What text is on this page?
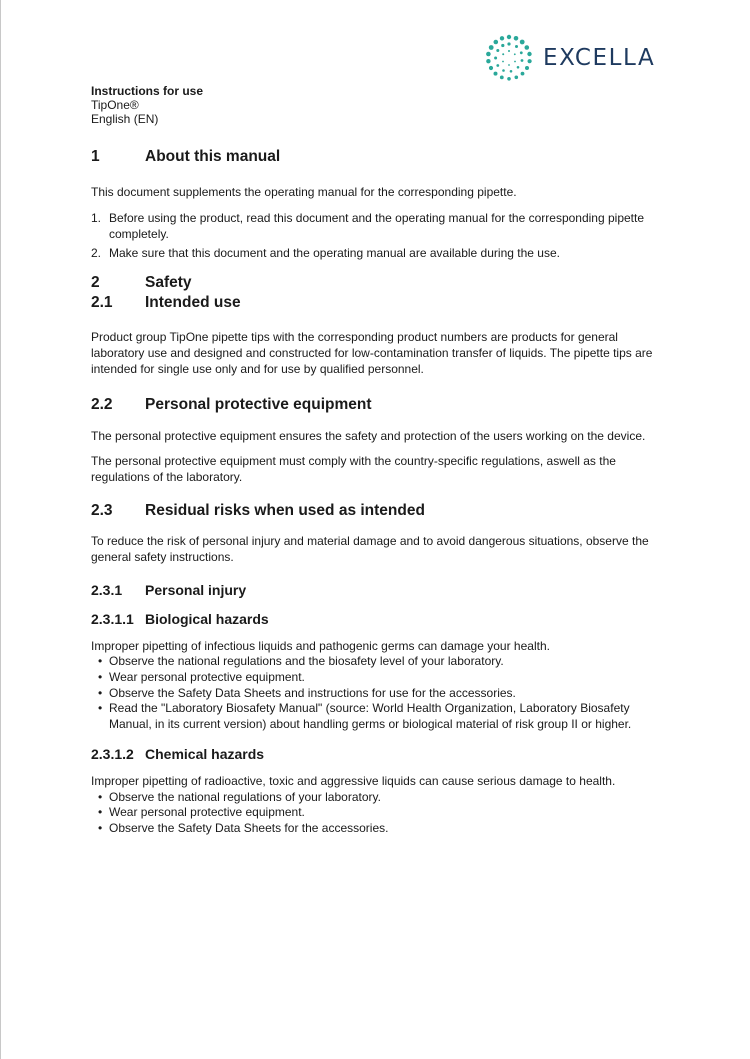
EXCELLA
Instructions for use
TipOne®
English (EN)
1	About this manual
This document supplements the operating manual for the corresponding pipette.
1. Before using the product, read this document and the operating manual for the corresponding pipette completely.
2. Make sure that this document and the operating manual are available during the use.
2	Safety
2.1	Intended use
Product group TipOne pipette tips with the corresponding product numbers are products for general laboratory use and designed and constructed for low-contamination transfer of liquids. The pipette tips are intended for single use only and for use by qualified personnel.
2.2	Personal protective equipment
The personal protective equipment ensures the safety and protection of the users working on the device.
The personal protective equipment must comply with the country-specific regulations, aswell as the regulations of the laboratory.
2.3	Residual risks when used as intended
To reduce the risk of personal injury and material damage and to avoid dangerous situations, observe the general safety instructions.
2.3.1	Personal injury
2.3.1.1 Biological hazards
Improper pipetting of infectious liquids and pathogenic germs can damage your health.
• Observe the national regulations and the biosafety level of your laboratory.
• Wear personal protective equipment.
• Observe the Safety Data Sheets and instructions for use for the accessories.
• Read the "Laboratory Biosafety Manual" (source: World Health Organization, Laboratory Biosafety Manual, in its current version) about handling germs or biological material of risk group II or higher.
2.3.1.2 Chemical hazards
Improper pipetting of radioactive, toxic and aggressive liquids can cause serious damage to health.
• Observe the national regulations of your laboratory.
• Wear personal protective equipment.
• Observe the Safety Data Sheets for the accessories.
